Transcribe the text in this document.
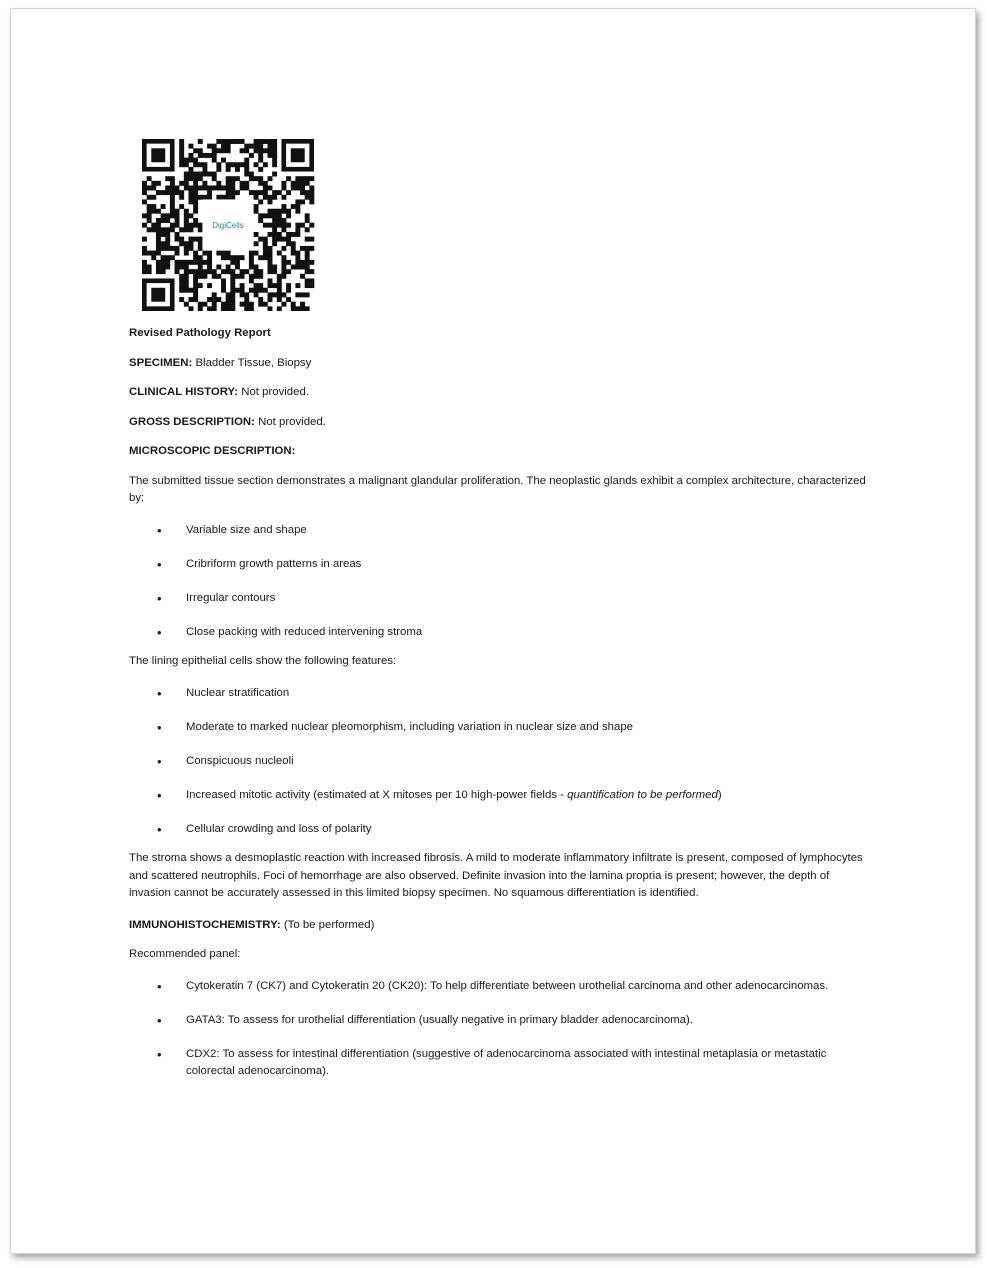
DigiCells

Revised Pathology Report

SPECIMEN: Bladder Tissue, Biopsy

CLINICAL HISTORY: Not provided.

GROSS DESCRIPTION: Not provided.

MICROSCOPIC DESCRIPTION:

The submitted tissue section demonstrates a malignant glandular proliferation. The neoplastic glands exhibit a complex architecture, characterized by:

• Variable size and shape
• Cribriform growth patterns in areas
• Irregular contours
• Close packing with reduced intervening stroma

The lining epithelial cells show the following features:

• Nuclear stratification
• Moderate to marked nuclear pleomorphism, including variation in nuclear size and shape
• Conspicuous nucleoli
• Increased mitotic activity (estimated at X mitoses per 10 high-power fields - quantification to be performed)
• Cellular crowding and loss of polarity

The stroma shows a desmoplastic reaction with increased fibrosis. A mild to moderate inflammatory infiltrate is present, composed of lymphocytes and scattered neutrophils. Foci of hemorrhage are also observed. Definite invasion into the lamina propria is present; however, the depth of invasion cannot be accurately assessed in this limited biopsy specimen. No squamous differentiation is identified.

IMMUNOHISTOCHEMISTRY: (To be performed)

Recommended panel:

• Cytokeratin 7 (CK7) and Cytokeratin 20 (CK20): To help differentiate between urothelial carcinoma and other adenocarcinomas.
• GATA3: To assess for urothelial differentiation (usually negative in primary bladder adenocarcinoma).
• CDX2: To assess for intestinal differentiation (suggestive of adenocarcinoma associated with intestinal metaplasia or metastatic colorectal adenocarcinoma).
